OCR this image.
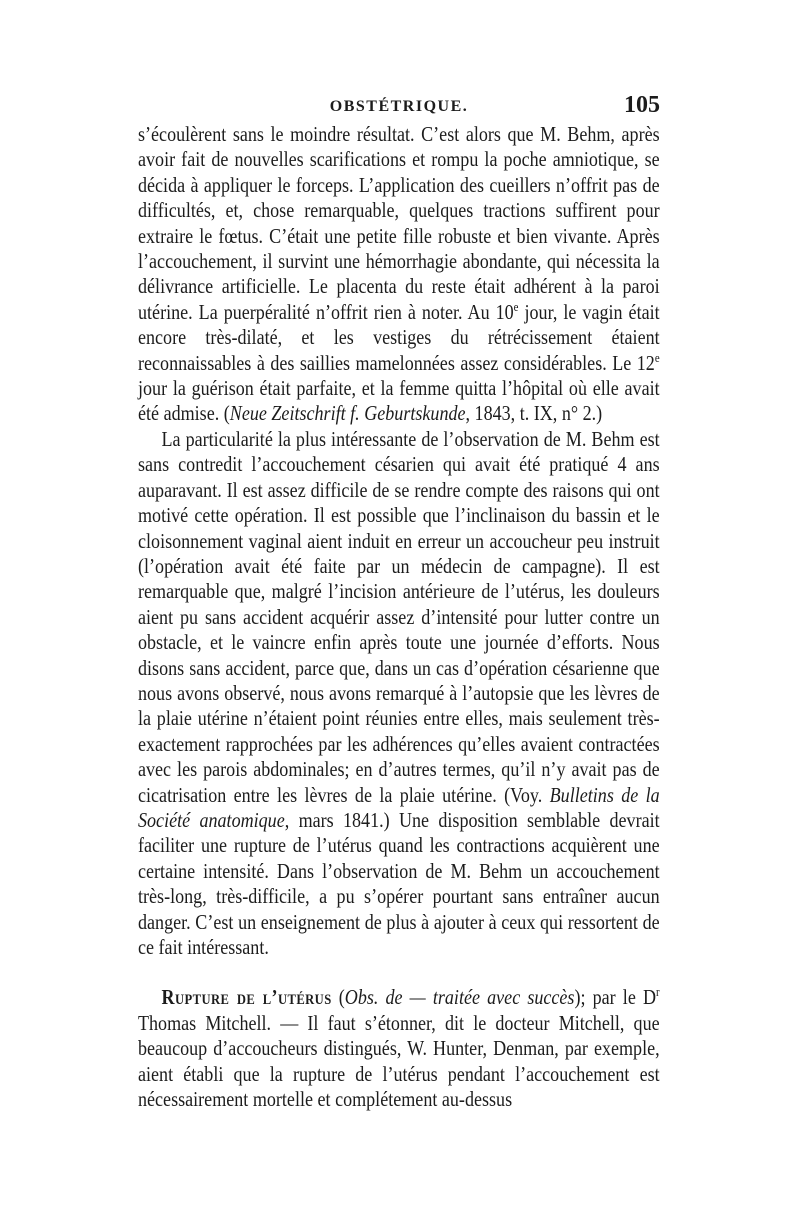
OBSTÉTRIQUE.	105

s’écoulèrent sans le moindre résultat. C’est alors que M. Behm, après avoir fait de nouvelles scarifications et rompu la poche amniotique, se décida à appliquer le forceps. L’application des cueillers n’offrit pas de difficultés, et, chose remarquable, quelques tractions suffirent pour extraire le fœtus. C’était une petite fille robuste et bien vivante. Après l’accouchement, il survint une hémorrhagie abondante, qui nécessita la délivrance artificielle. Le placenta du reste était adhérent à la paroi utérine. La puerpéralité n’offrit rien à noter. Au 10e jour, le vagin était encore très-dilaté, et les vestiges du rétrécissement étaient reconnaissables à des saillies mamelonnées assez considérables. Le 12e jour la guérison était parfaite, et la femme quitta l’hôpital où elle avait été admise. (Neue Zeitschrift f. Geburtskunde, 1843, t. IX, n° 2.)

La particularité la plus intéressante de l’observation de M. Behm est sans contredit l’accouchement césarien qui avait été pratiqué 4 ans auparavant. Il est assez difficile de se rendre compte des raisons qui ont motivé cette opération. Il est possible que l’inclinaison du bassin et le cloisonnement vaginal aient induit en erreur un accoucheur peu instruit (l’opération avait été faite par un médecin de campagne). Il est remarquable que, malgré l’incision antérieure de l’utérus, les douleurs aient pu sans accident acquérir assez d’intensité pour lutter contre un obstacle, et le vaincre enfin après toute une journée d’efforts. Nous disons sans accident, parce que, dans un cas d’opération césarienne que nous avons observé, nous avons remarqué à l’autopsie que les lèvres de la plaie utérine n’étaient point réunies entre elles, mais seulement très-exactement rapprochées par les adhérences qu’elles avaient contractées avec les parois abdominales; en d’autres termes, qu’il n’y avait pas de cicatrisation entre les lèvres de la plaie utérine. (Voy. Bulletins de la Société anatomique, mars 1841.) Une disposition semblable devrait faciliter une rupture de l’utérus quand les contractions acquièrent une certaine intensité. Dans l’observation de M. Behm un accouchement très-long, très-difficile, a pu s’opérer pourtant sans entraîner aucun danger. C’est un enseignement de plus à ajouter à ceux qui ressortent de ce fait intéressant.

Rupture de l’utérus (Obs. de — traitée avec succès); par le $D^r$ Thomas Mitchell. — Il faut s’étonner, dit le docteur Mitchell, que beaucoup d’accoucheurs distingués, W. Hunter, Denman, par exemple, aient établi que la rupture de l’utérus pendant l’accouchement est nécessairement mortelle et complétement au-dessus
